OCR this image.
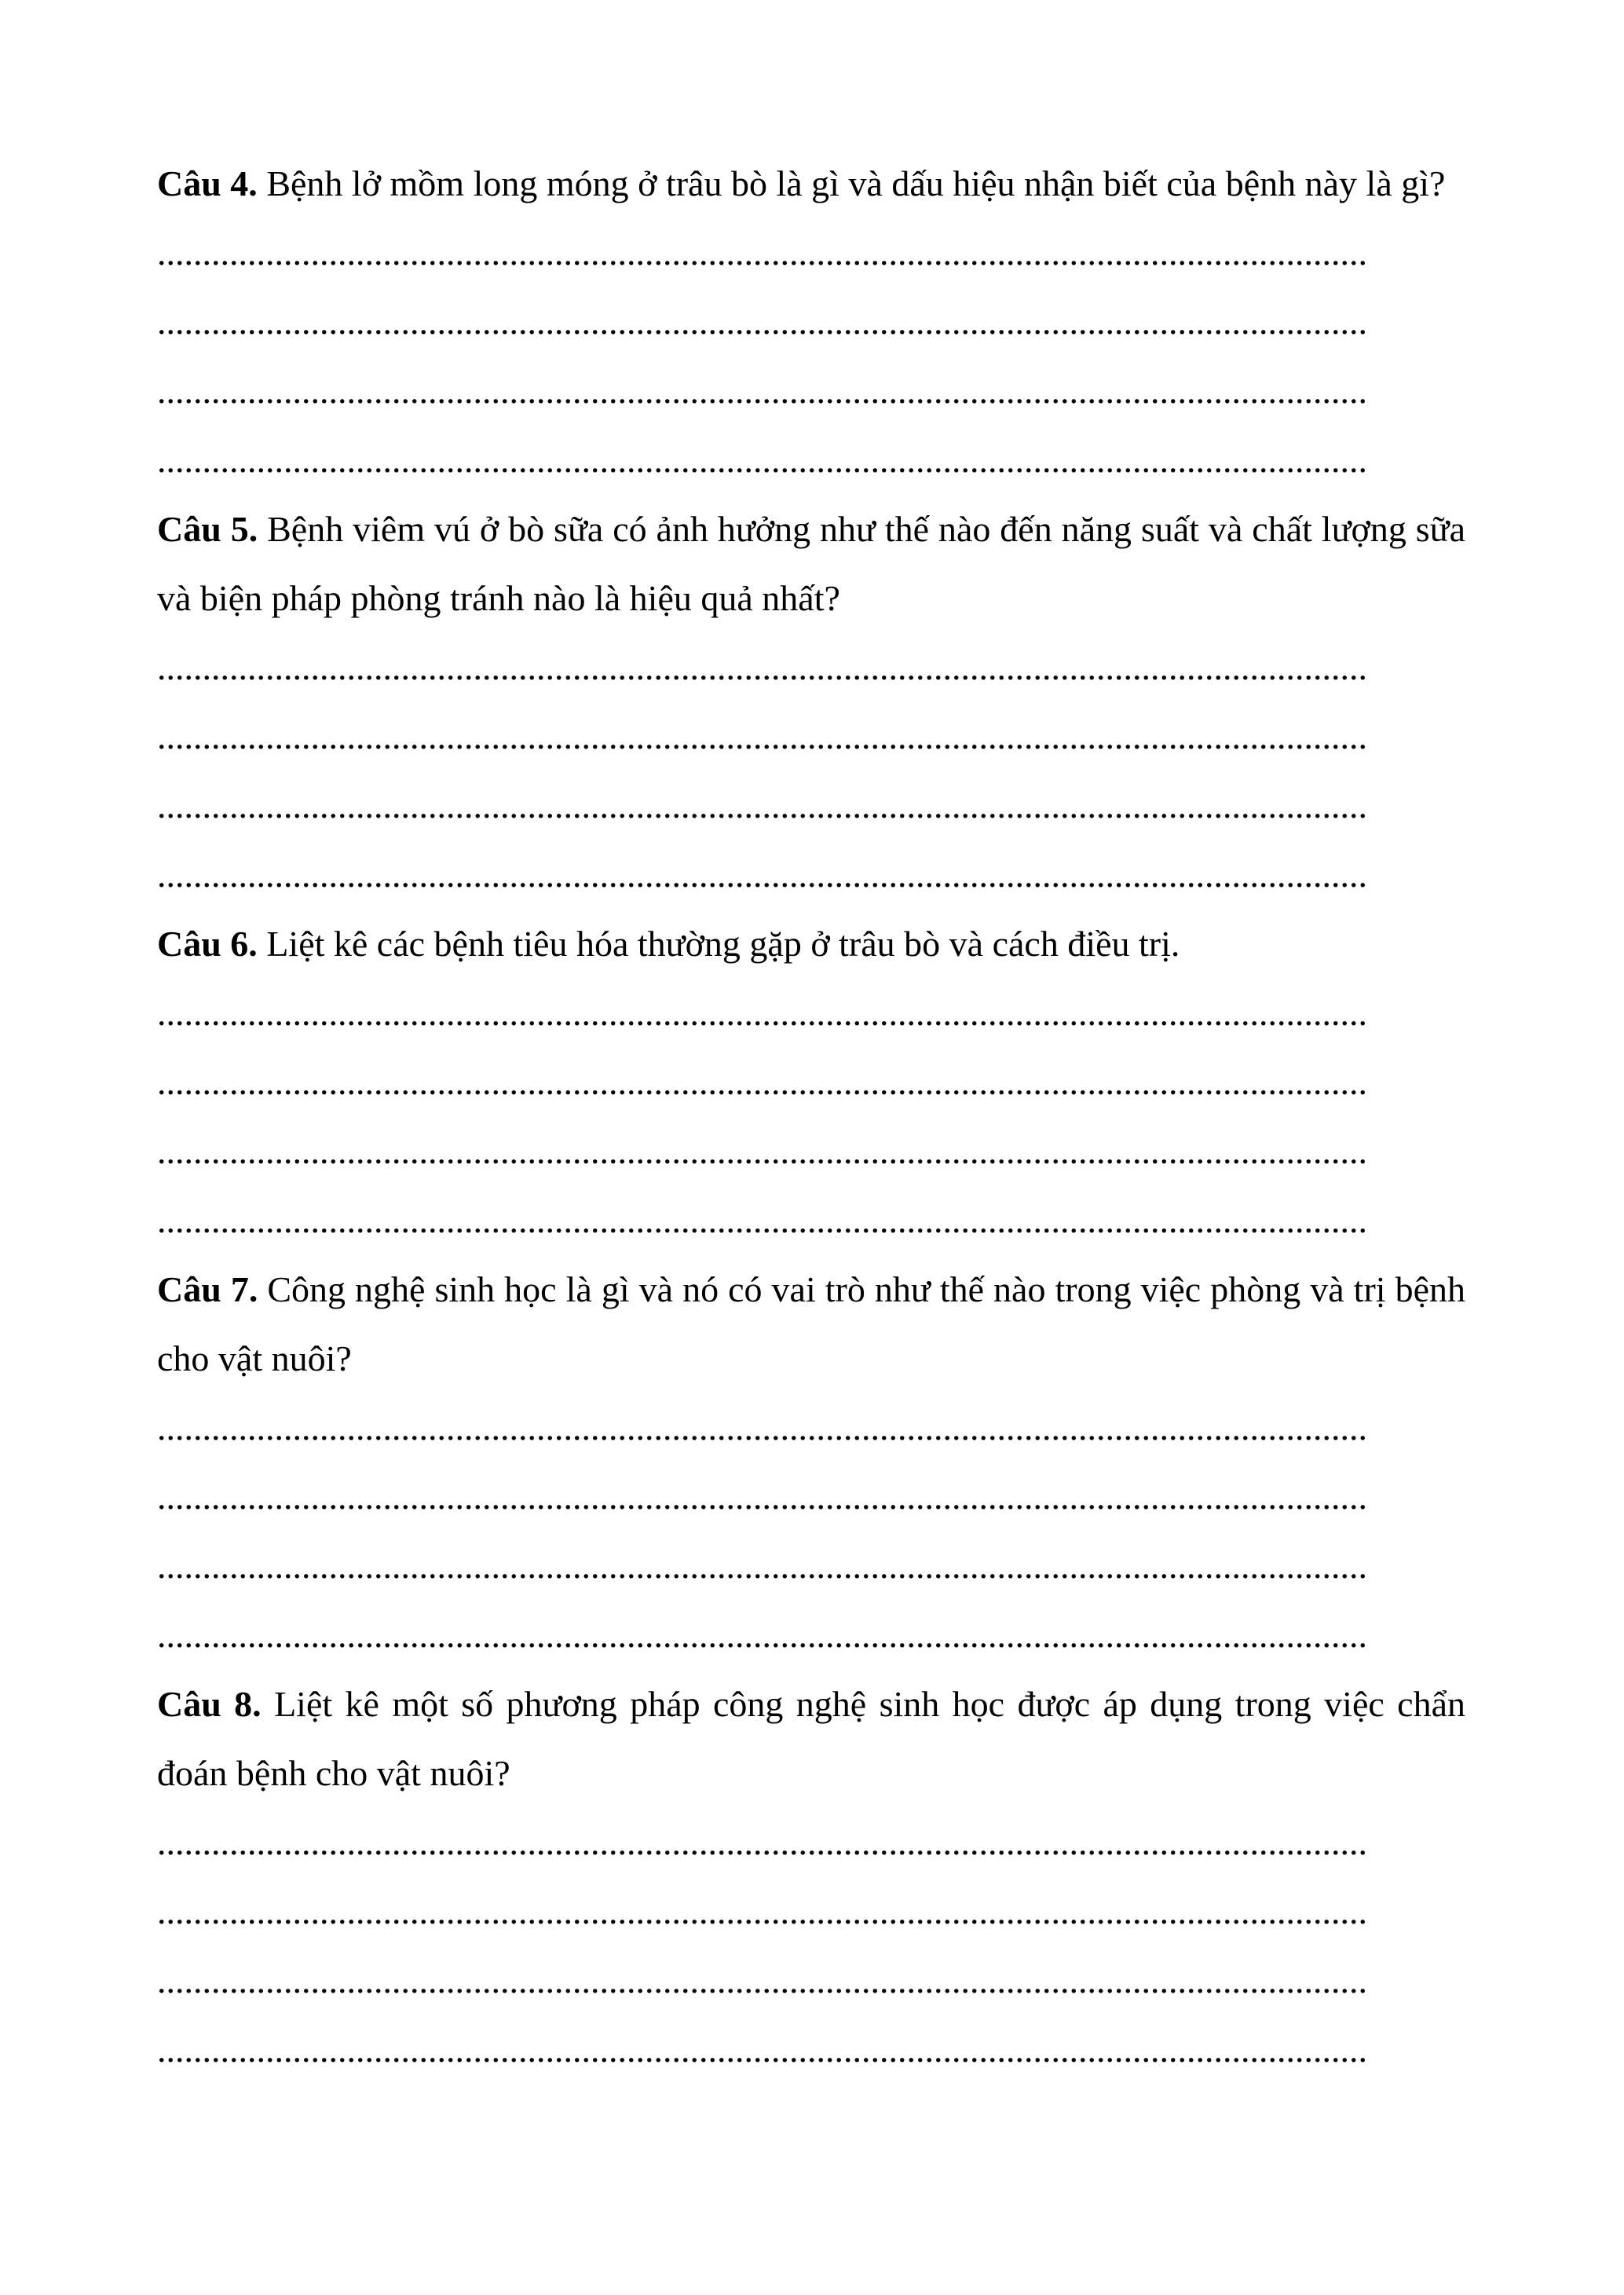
Câu 4. Bệnh lở mồm long móng ở trâu bò là gì và dấu hiệu nhận biết của bệnh này là gì?

......................................................................................................................................
......................................................................................................................................
......................................................................................................................................
......................................................................................................................................

Câu 5. Bệnh viêm vú ở bò sữa có ảnh hưởng như thế nào đến năng suất và chất lượng sữa và biện pháp phòng tránh nào là hiệu quả nhất?

......................................................................................................................................
......................................................................................................................................
......................................................................................................................................
......................................................................................................................................

Câu 6. Liệt kê các bệnh tiêu hóa thường gặp ở trâu bò và cách điều trị.

......................................................................................................................................
......................................................................................................................................
......................................................................................................................................
......................................................................................................................................

Câu 7. Công nghệ sinh học là gì và nó có vai trò như thế nào trong việc phòng và trị bệnh cho vật nuôi?

......................................................................................................................................
......................................................................................................................................
......................................................................................................................................
......................................................................................................................................

Câu 8. Liệt kê một số phương pháp công nghệ sinh học được áp dụng trong việc chẩn đoán bệnh cho vật nuôi?

......................................................................................................................................
......................................................................................................................................
......................................................................................................................................
......................................................................................................................................
